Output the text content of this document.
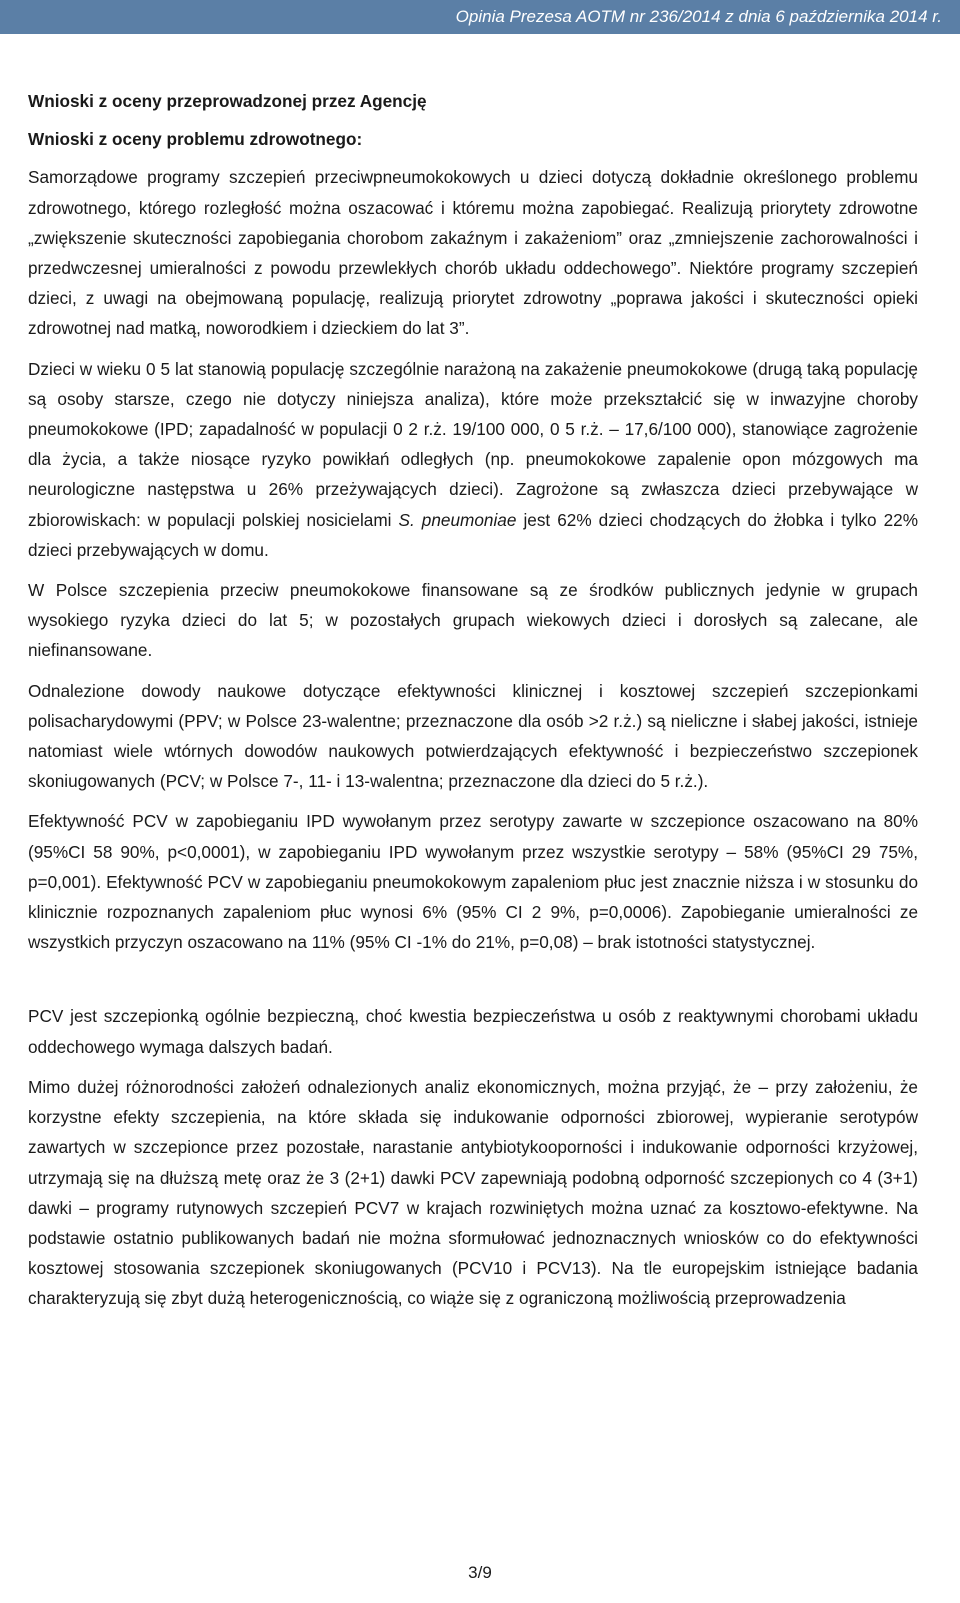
Opinia Prezesa AOTM nr 236/2014 z dnia 6 października 2014 r.
Wnioski z oceny przeprowadzonej przez Agencję
Wnioski z oceny problemu zdrowotnego:

Samorządowe programy szczepień przeciwpneumokokowych u dzieci dotyczą dokładnie określonego problemu zdrowotnego, którego rozległość można oszacować i któremu można zapobiegać. Realizują priorytety zdrowotne „zwiększenie skuteczności zapobiegania chorobom zakaźnym i zakażeniom” oraz „zmniejszenie zachorowalności i przedwczesnej umieralności z powodu przewlekłych chorób układu oddechowego”. Niektóre programy szczepień dzieci, z uwagi na obejmowaną populację, realizują priorytet zdrowotny „poprawa jakości i skuteczności opieki zdrowotnej nad matką, noworodkiem i dzieckiem do lat 3”.

Dzieci w wieku 0 5 lat stanowią populację szczególnie narażoną na zakażenie pneumokokowe (drugą taką populację są osoby starsze, czego nie dotyczy niniejsza analiza), które może przekształcić się w inwazyjne choroby pneumokokowe (IPD; zapadalność w populacji 0 2 r.ż. 19/100 000, 0 5 r.ż. – 17,6/100 000), stanowiące zagrożenie dla życia, a także niosące ryzyko powikłań odległych (np. pneumokokowe zapalenie opon mózgowych ma neurologiczne następstwa u 26% przeżywających dzieci). Zagrożone są zwłaszcza dzieci przebywające w zbiorowiskach: w populacji polskiej nosicielami S. pneumoniae jest 62% dzieci chodzących do żłobka i tylko 22% dzieci przebywających w domu.

W Polsce szczepienia przeciw pneumokokowe finansowane są ze środków publicznych jedynie w grupach wysokiego ryzyka dzieci do lat 5; w pozostałych grupach wiekowych dzieci i dorosłych są zalecane, ale niefinansowane.

Odnalezione dowody naukowe dotyczące efektywności klinicznej i kosztowej szczepień szczepionkami polisacharydowymi (PPV; w Polsce 23-walentne; przeznaczone dla osób >2 r.ż.) są nieliczne i słabej jakości, istnieje natomiast wiele wtórnych dowodów naukowych potwierdzających efektywność i bezpieczeństwo szczepionek skoniugowanych (PCV; w Polsce 7-, 11- i 13-walentna; przeznaczone dla dzieci do 5 r.ż.).

Efektywność PCV w zapobieganiu IPD wywołanym przez serotypy zawarte w szczepionce oszacowano na 80% (95%CI 58 90%, p<0,0001), w zapobieganiu IPD wywołanym przez wszystkie serotypy – 58% (95%CI 29 75%, p=0,001). Efektywność PCV w zapobieganiu pneumokokowym zapaleniom płuc jest znacznie niższa i w stosunku do klinicznie rozpoznanych zapaleniom płuc wynosi 6% (95% CI 2 9%, p=0,0006). Zapobieganie umieralności ze wszystkich przyczyn oszacowano na 11% (95% CI -1% do 21%, p=0,08) – brak istotności statystycznej.

PCV jest szczepionką ogólnie bezpieczną, choć kwestia bezpieczeństwa u osób z reaktywnymi chorobami układu oddechowego wymaga dalszych badań.

Mimo dużej różnorodności założeń odnalezionych analiz ekonomicznych, można przyjąć, że – przy założeniu, że korzystne efekty szczepienia, na które składa się indukowanie odporności zbiorowej, wypieranie serotypów zawartych w szczepionce przez pozostałe, narastanie antybiotykooporności i indukowanie odporności krzyżowej, utrzymają się na dłuższą metę oraz że 3 (2+1) dawki PCV zapewniają podobną odporność szczepionych co 4 (3+1) dawki – programy rutynowych szczepień PCV7 w krajach rozwiniętych można uznać za kosztowo-efektywne. Na podstawie ostatnio publikowanych badań nie można sformułować jednoznacznych wniosków co do efektywności kosztowej stosowania szczepionek skoniugowanych (PCV10 i PCV13). Na tle europejskim istniejące badania charakteryzują się zbyt dużą heterogenicznością, co wiąże się z ograniczoną możliwością przeprowadzenia

3/9
